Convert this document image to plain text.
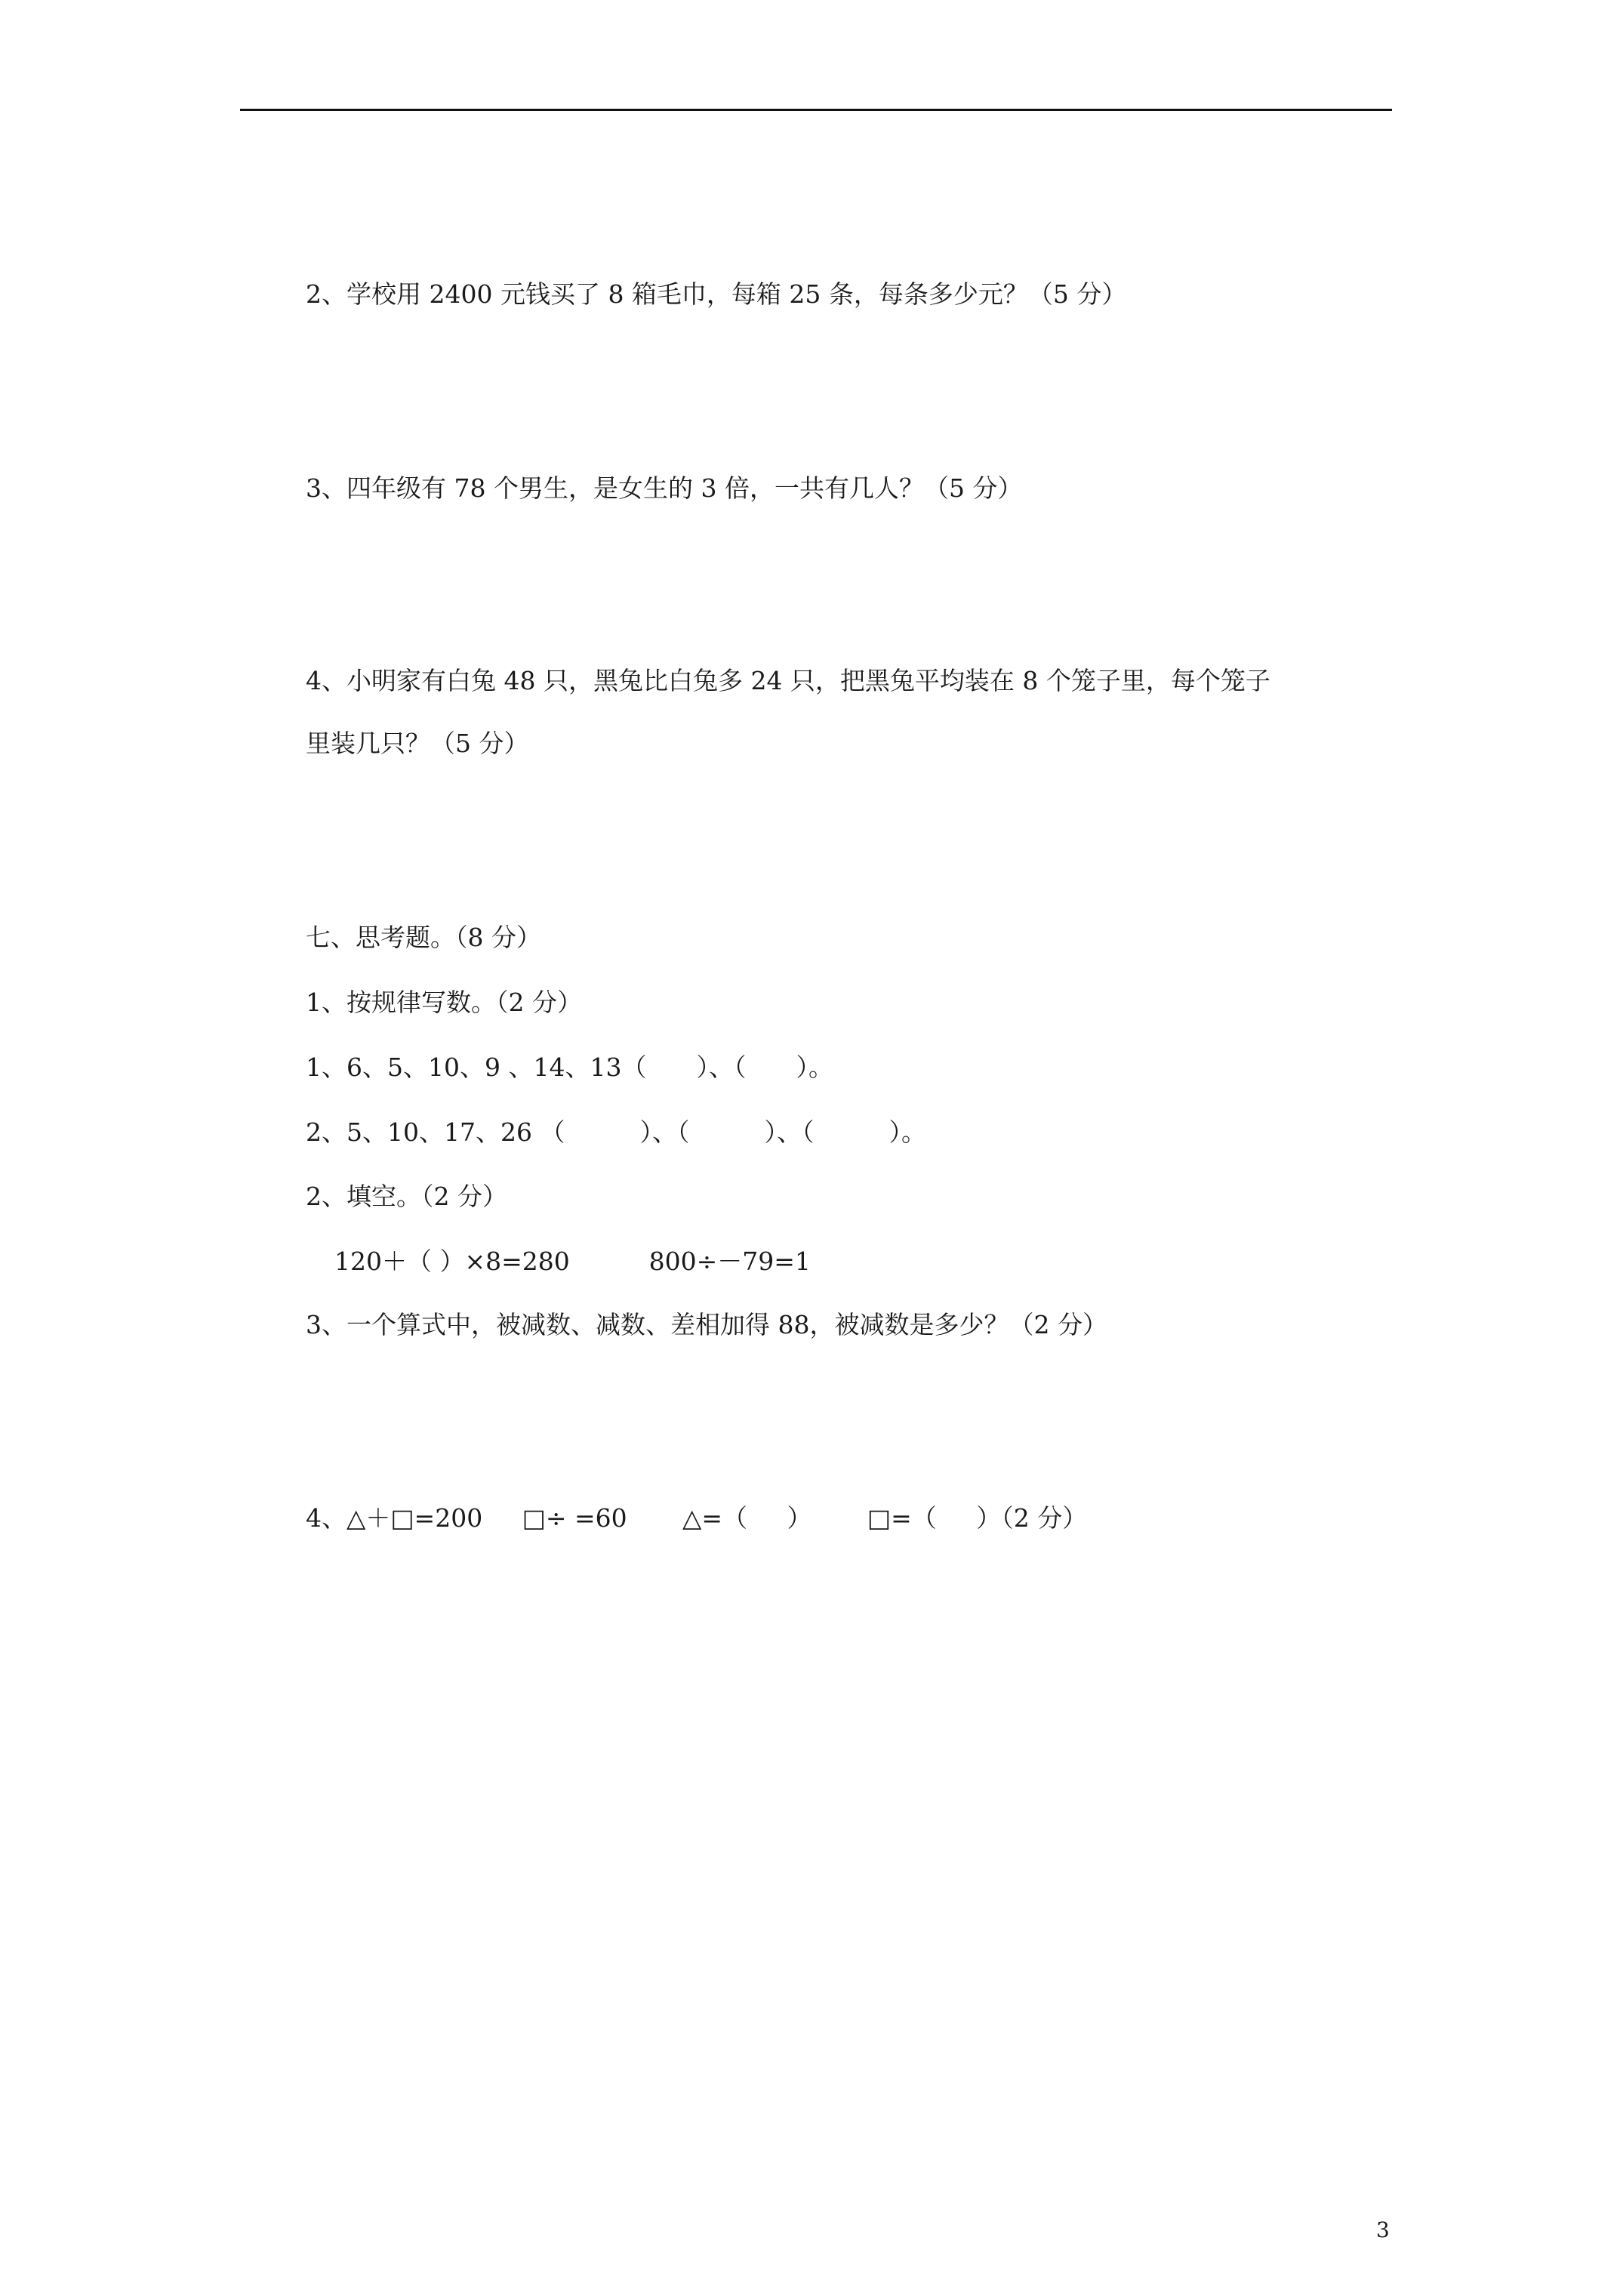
2、学校用 2400 元钱买了 8 箱毛巾，每箱 25 条，每条多少元？（5 分）
3、四年级有 78 个男生，是女生的 3 倍，一共有几人？（5 分）
4、小明家有白兔 48 只，黑兔比白兔多 24 只，把黑兔平均装在 8 个笼子里，每个笼子
里装几只？（5 分）
七、思考题。（8 分）
1、按规律写数。（2 分）
1、6、5、10、9 、14、13（　　）、（　　）。
2、5、10、17、26 （　　　）、（　　　）、（　　　）。
2、填空。（2 分）
120＋（ ）×8=280          800÷－79=1
3、一个算式中，被减数、减数、差相加得 88，被减数是多少？（2 分）
4、△＋□=200     □÷ =60       △=（     ）       □=（     ）（2 分）
3
